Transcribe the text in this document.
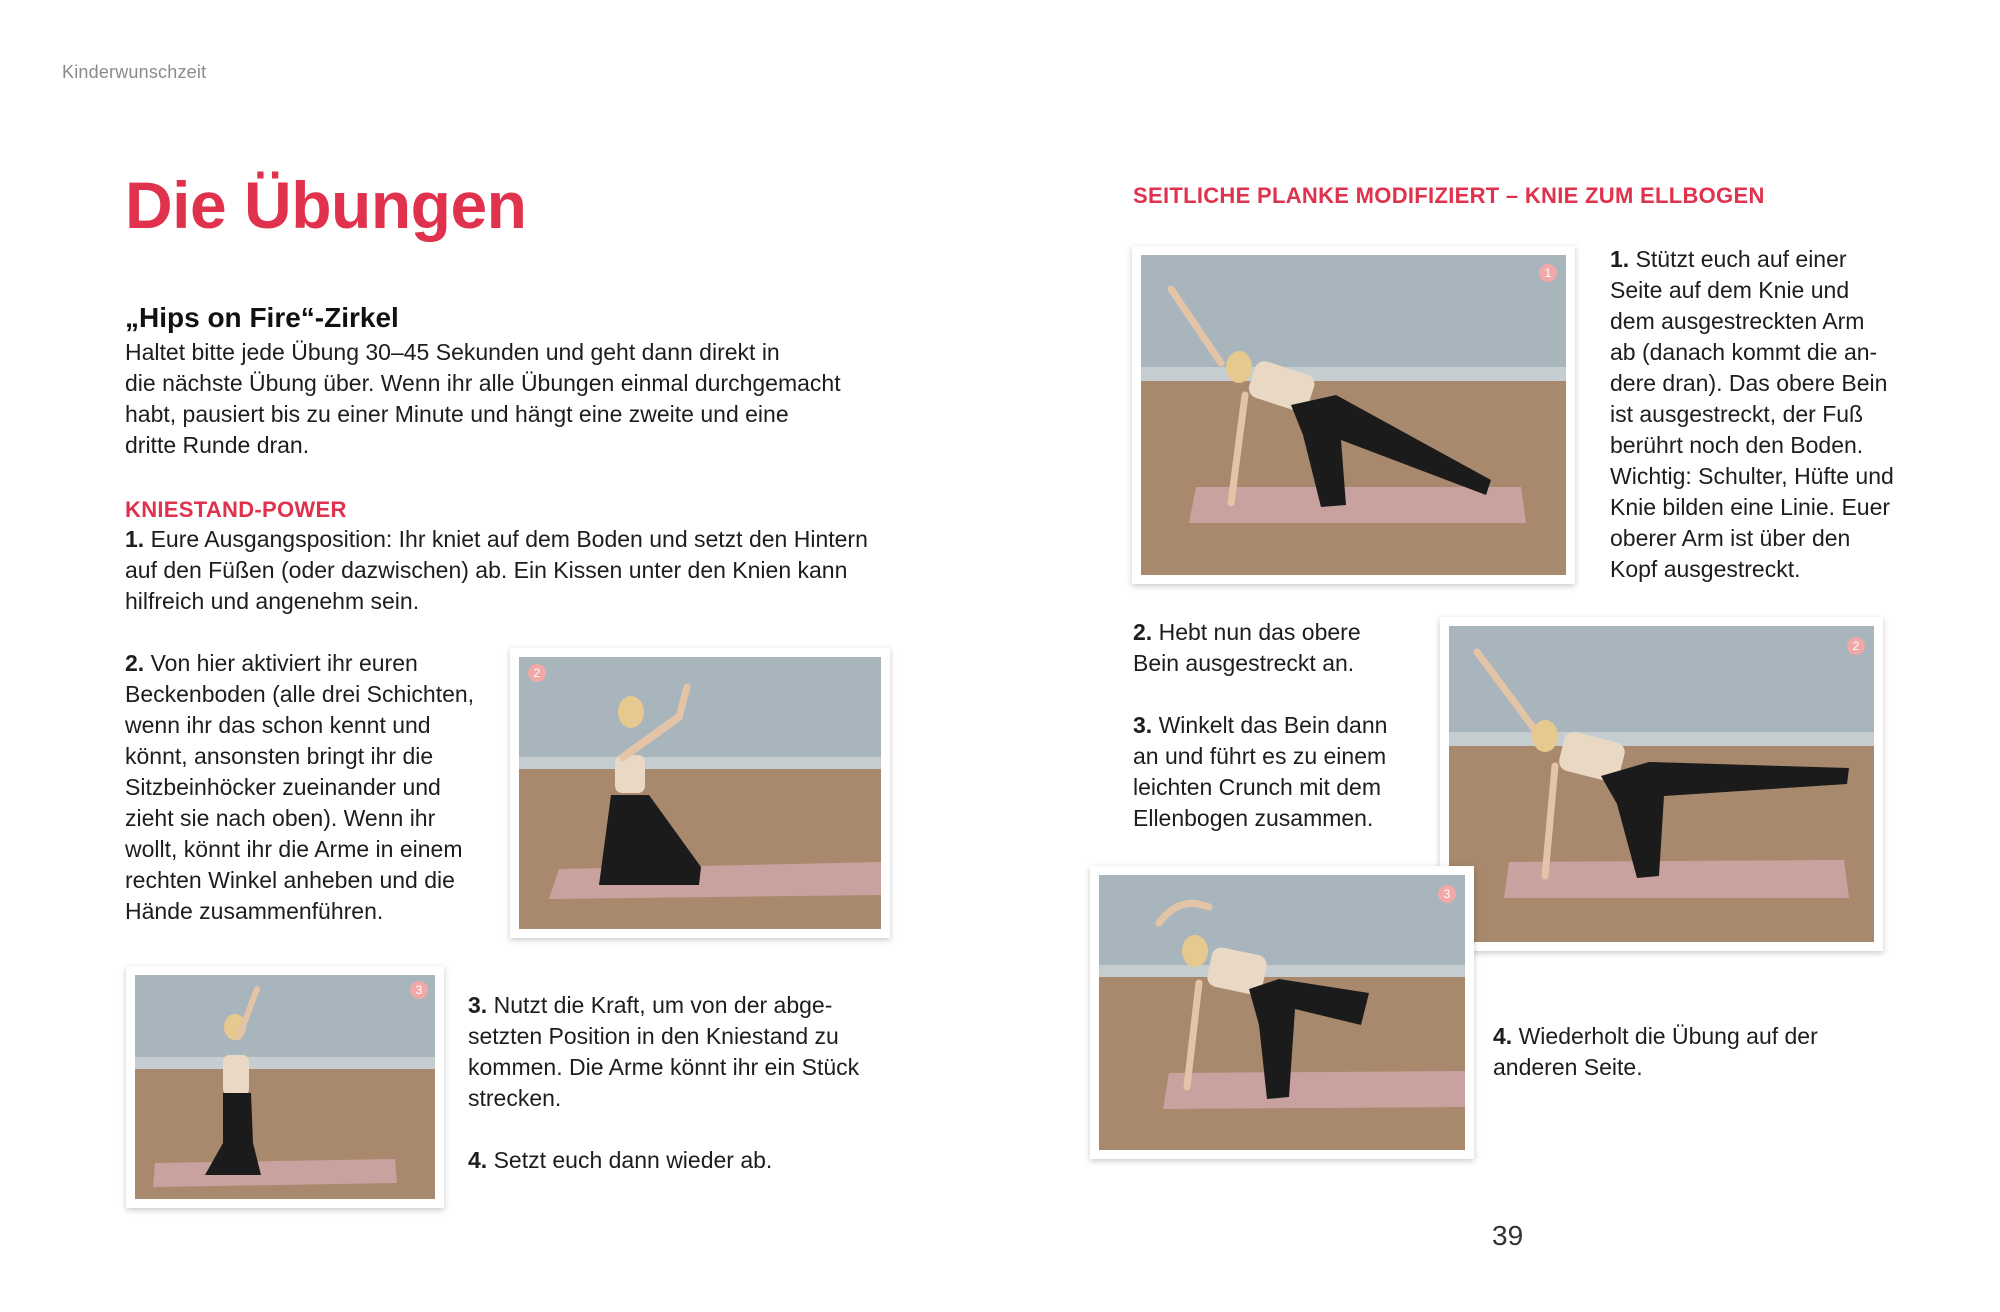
Kinderwunschzeit
Die Übungen
„Hips on Fire“-Zirkel
Haltet bitte jede Übung 30–45 Sekunden und geht dann direkt in
die nächste Übung über. Wenn ihr alle Übungen einmal durchgemacht
habt, pausiert bis zu einer Minute und hängt eine zweite und eine
dritte Runde dran.
KNIESTAND-POWER
1. Eure Ausgangsposition: Ihr kniet auf dem Boden und setzt den Hintern
auf den Füßen (oder dazwischen) ab. Ein Kissen unter den Knien kann
hilfreich und angenehm sein.
2. Von hier aktiviert ihr euren
Beckenboden (alle drei Schichten,
wenn ihr das schon kennt und
könnt, ansonsten bringt ihr die
Sitzbeinhöcker zueinander und
zieht sie nach oben). Wenn ihr
wollt, könnt ihr die Arme in einem
rechten Winkel anheben und die
Hände zusammenführen.
2
3
3. Nutzt die Kraft, um von der abge-
setzten Position in den Kniestand zu
kommen. Die Arme könnt ihr ein Stück
strecken.
4. Setzt euch dann wieder ab.
SEITLICHE PLANKE MODIFIZIERT – KNIE ZUM ELLBOGEN
1
1. Stützt euch auf einer
Seite auf dem Knie und
dem ausgestreckten Arm
ab (danach kommt die an-
dere dran). Das obere Bein
ist ausgestreckt, der Fuß
berührt noch den Boden.
Wichtig: Schulter, Hüfte und
Knie bilden eine Linie. Euer
oberer Arm ist über den
Kopf ausgestreckt.
2. Hebt nun das obere
Bein ausgestreckt an.
3. Winkelt das Bein dann
an und führt es zu einem
leichten Crunch mit dem
Ellenbogen zusammen.
2
3
4. Wiederholt die Übung auf der
anderen Seite.
39
